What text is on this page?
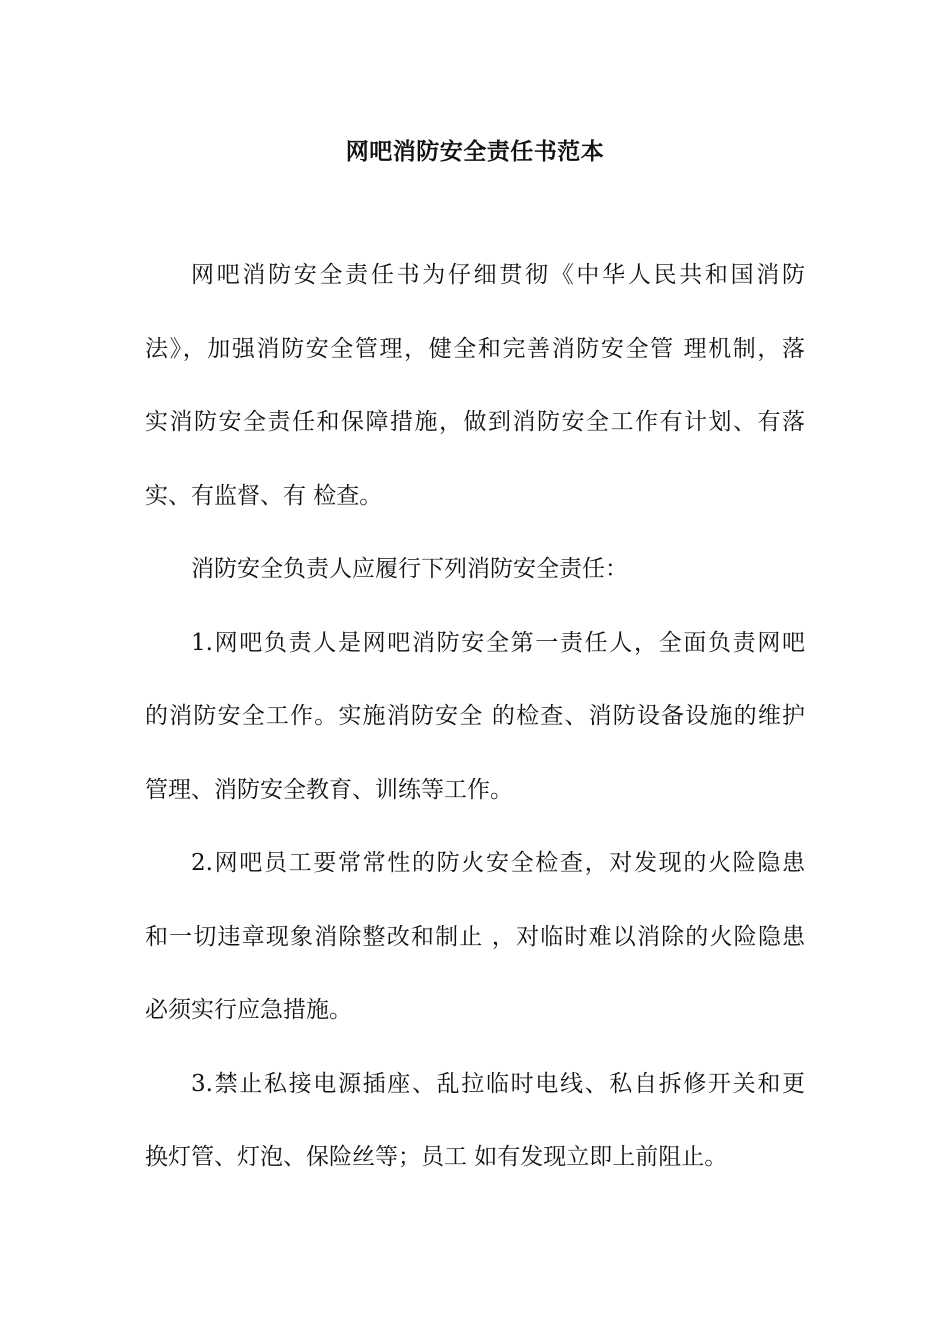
网吧消防安全责任书范本
网吧消防安全责任书为仔细贯彻《中华人民共和国消防
法》，加强消防安全管理，健全和完善消防安全管 理机制，落
实消防安全责任和保障措施，做到消防安全工作有计划、有落
实、有监督、有 检查。
消防安全负责人应履行下列消防安全责任：
1.网吧负责人是网吧消防安全第一责任人，全面负责网吧
的消防安全工作。实施消防安全 的检查、消防设备设施的维护
管理、消防安全教育、训练等工作。
2.网吧员工要常常性的防火安全检查，对发现的火险隐患
和一切违章现象消除整改和制止 ，对临时难以消除的火险隐患
必须实行应急措施。
3.禁止私接电源插座、乱拉临时电线、私自拆修开关和更
换灯管、灯泡、保险丝等；员工 如有发现立即上前阻止。
